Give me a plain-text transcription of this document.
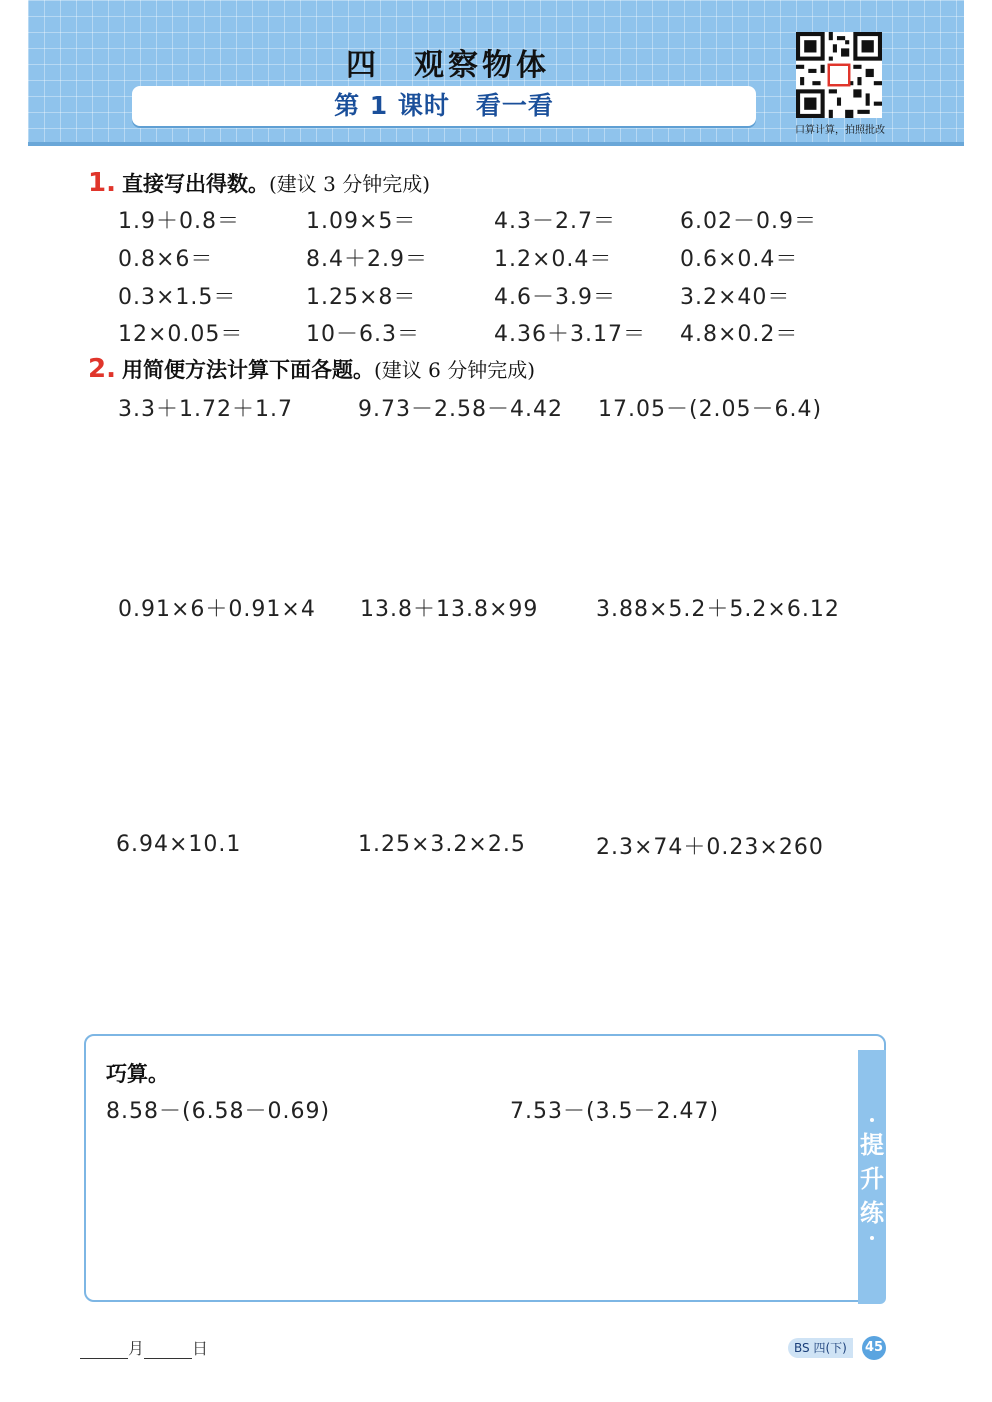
四　观察物体
第 1 课时　看一看
口算计算，拍照批改
1. 直接写出得数。(建议 3 分钟完成)
1.9＋0.8＝	1.09×5＝	4.3－2.7＝	6.02－0.9＝
0.8×6＝	8.4＋2.9＝	1.2×0.4＝	0.6×0.4＝
0.3×1.5＝	1.25×8＝	4.6－3.9＝	3.2×40＝
12×0.05＝	10－6.3＝	4.36＋3.17＝ 4.8×0.2＝
2. 用简便方法计算下面各题。(建议 6 分钟完成)
3.3＋1.72＋1.7	9.73－2.58－4.42 17.05－(2.05－6.4)
0.91×6＋0.91×4 13.8＋13.8×99	3.88×5.2＋5.2×6.12
6.94×10.1	1.25×3.2×2.5	2.3×74＋0.23×260
提升练
巧算。
8.58－(6.58－0.69)	7.53－(3.5－2.47)
月	日	BS 四(下)	45
